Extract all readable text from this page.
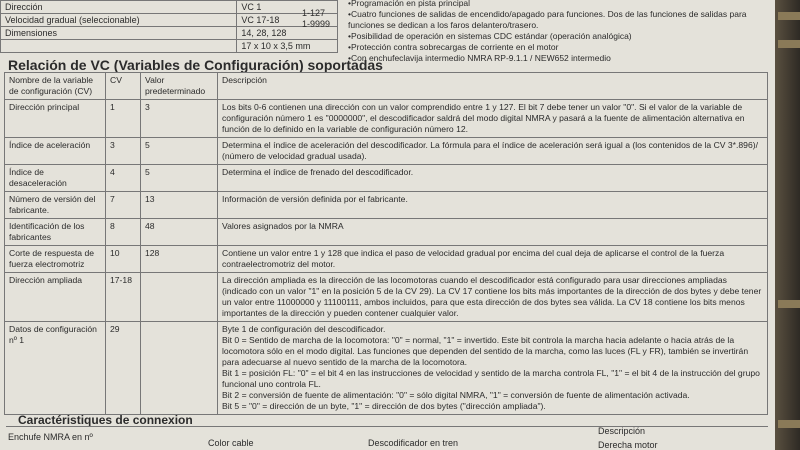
Dirección	VC 1
Velocidad gradual (seleccionable)	VC 17-18
Dimensiones	14, 28, 128
	17 x 10 x 3,5 mm
1-127
1-9999
• Programación en pista principal
• Cuatro funciones de salidas de encendido/apagado para funciones. Dos de las funciones de salidas para funciones se dedican a los faros delantero/trasero.
• Posibilidad de operación en sistemas CDC estándar (operación analógica)
• Protección contra sobrecargas de corriente en el motor
• Con enchufeclavija intermedio NMRA RP-9.1.1 / NEW652 intermedio
Relación de VC (Variables de Configuración) soportadas
Nombre de la variable de configuración (CV)	CV	Valor predeterminado	Descripción
Dirección principal	1	3	Los bits 0-6 contienen una dirección con un valor comprendido entre 1 y 127. El bit 7 debe tener un valor "0". Si el valor de la variable de configuración número 1 es "0000000", el descodificador saldrá del modo digital NMRA y pasará a la fuente de alimentación alternativa en función de lo definido en la variable de configuración número 12.
Índice de aceleración	3	5	Determina el índice de aceleración del descodificador. La fórmula para el índice de aceleración será igual a (los contenidos de la CV 3*.896)/ (número de velocidad gradual usada).
Índice de desaceleración	4	5	Determina el índice de frenado del descodificador.
Número de versión del fabricante.	7	13	Información de versión definida por el fabricante.
Identificación de los fabricantes	8	48	Valores asignados por la NMRA
Corte de respuesta de fuerza electromotriz	10	128	Contiene un valor entre 1 y 128 que indica el paso de velocidad gradual por encima del cual deja de aplicarse el control de la fuerza contraelectromotriz del motor.
Dirección ampliada	17-18		La dirección ampliada es la dirección de las locomotoras cuando el descodificador está configurado para usar direcciones ampliadas (indicado con un valor "1" en la posición 5 de la CV 29). La CV 17 contiene los bits más importantes de la dirección de dos bytes y debe tener un valor entre 11000000 y 11100111, ambos incluidos, para que esta dirección de dos bytes sea válida. La CV 18 contiene los bits menos importantes de la dirección y pueden contener cualquier valor.
Datos de configuración nº 1	29		Byte 1 de configuración del descodificador.
Bit 0 = Sentido de marcha de la locomotora: "0" = normal, "1" = invertido. Este bit controla la marcha hacia adelante o hacia atrás de la locomotora sólo en el modo digital. Las funciones que dependen del sentido de la marcha, como las luces (FL y FR), también se invertirán para adecuarse al nuevo sentido de la marcha de la locomotora.
Bit 1 = posición FL: "0" = el bit 4 en las instrucciones de velocidad y sentido de la marcha controla FL, "1" = el bit 4 de la instrucción del grupo funcional uno controla FL.
Bit 2 = conversión de fuente de alimentación: "0" = sólo digital NMRA, "1" = conversión de fuente de alimentación activada.
Bit 5 = "0" = dirección de un byte, "1" = dirección de dos bytes ("dirección ampliada").
Caractéristiques de connexion
Enchufe NMRA en nº
Color cable	Descodificador en tren
Descripción
Derecha motor
